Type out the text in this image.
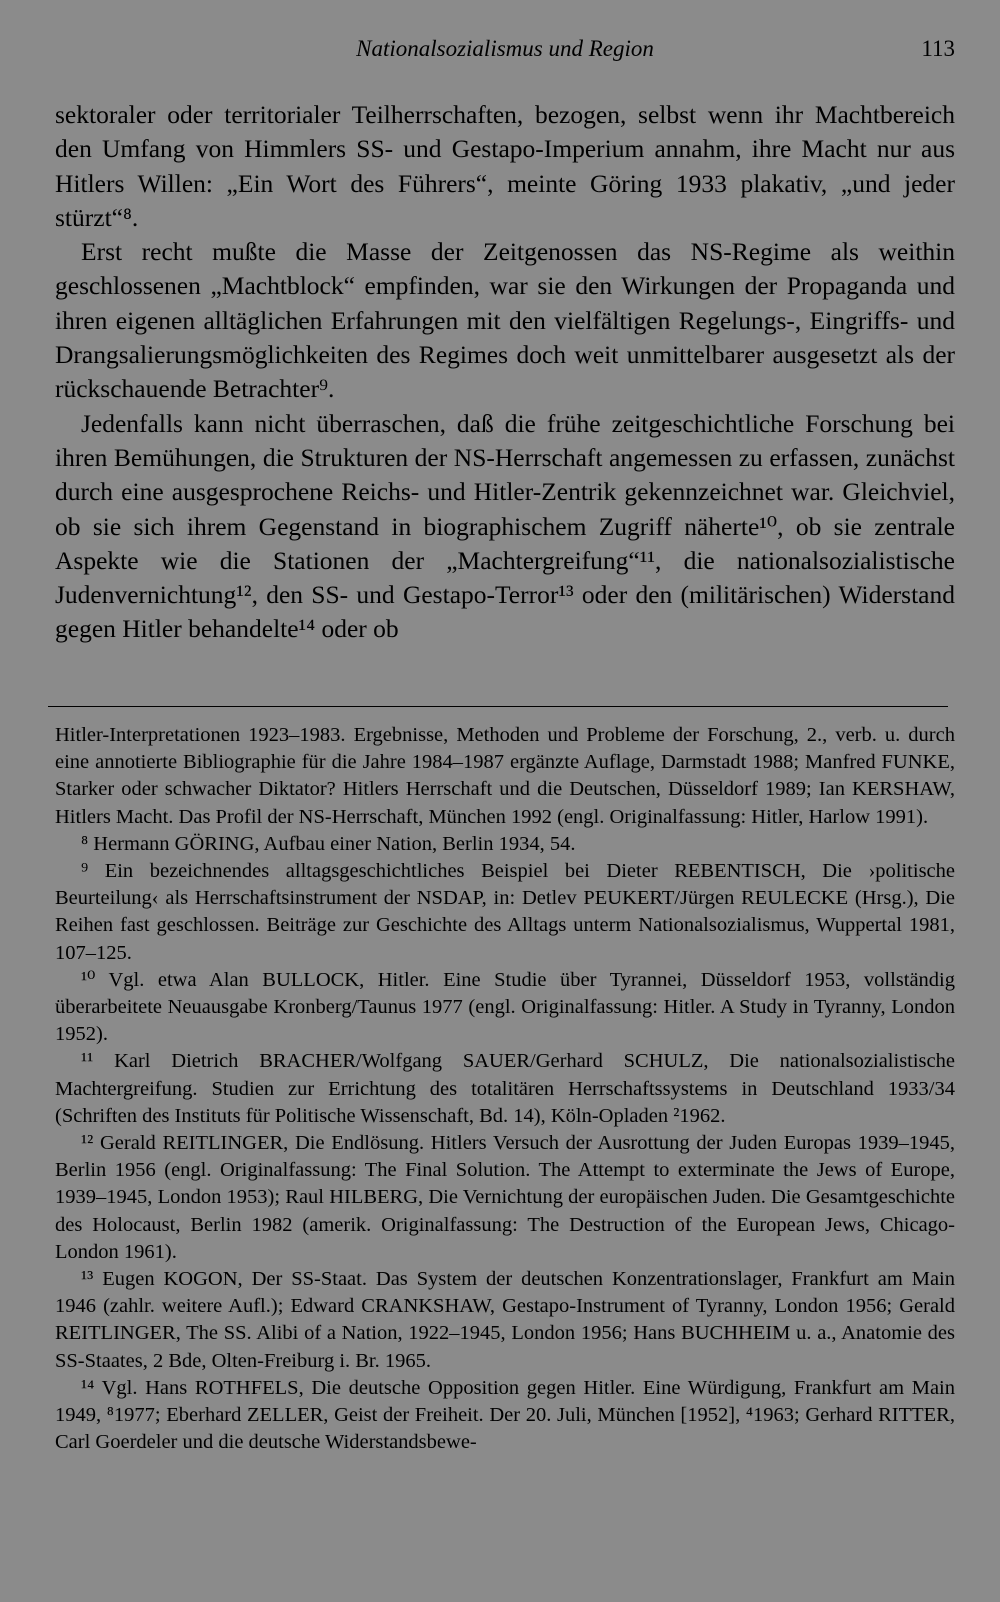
Nationalsozialismus und Region	113

sektoraler oder territorialer Teilherrschaften, bezogen, selbst wenn ihr Machtbereich den Umfang von Himmlers SS- und Gestapo-Imperium annahm, ihre Macht nur aus Hitlers Willen: „Ein Wort des Führers“, meinte Göring 1933 plakativ, „und jeder stürzt“⁸.

Erst recht mußte die Masse der Zeitgenossen das NS-Regime als weithin geschlossenen „Machtblock“ empfinden, war sie den Wirkungen der Propaganda und ihren eigenen alltäglichen Erfahrungen mit den vielfältigen Regelungs-, Eingriffs- und Drangsalierungsmöglichkeiten des Regimes doch weit unmittelbarer ausgesetzt als der rückschauende Betrachter⁹.

Jedenfalls kann nicht überraschen, daß die frühe zeitgeschichtliche Forschung bei ihren Bemühungen, die Strukturen der NS-Herrschaft angemessen zu erfassen, zunächst durch eine ausgesprochene Reichs- und Hitler-Zentrik gekennzeichnet war. Gleichviel, ob sie sich ihrem Gegenstand in biographischem Zugriff näherte¹⁰, ob sie zentrale Aspekte wie die Stationen der „Machtergreifung“¹¹, die nationalsozialistische Judenvernichtung¹², den SS- und Gestapo-Terror¹³ oder den (militärischen) Widerstand gegen Hitler behandelte¹⁴ oder ob

Hitler-Interpretationen 1923–1983. Ergebnisse, Methoden und Probleme der Forschung, 2., verb. u. durch eine annotierte Bibliographie für die Jahre 1984–1987 ergänzte Auflage, Darmstadt 1988; Manfred FUNKE, Starker oder schwacher Diktator? Hitlers Herrschaft und die Deutschen, Düsseldorf 1989; Ian KERSHAW, Hitlers Macht. Das Profil der NS-Herrschaft, München 1992 (engl. Originalfassung: Hitler, Harlow 1991).

⁸ Hermann GÖRING, Aufbau einer Nation, Berlin 1934, 54.

⁹ Ein bezeichnendes alltagsgeschichtliches Beispiel bei Dieter REBENTISCH, Die ›politische Beurteilung‹ als Herrschaftsinstrument der NSDAP, in: Detlev PEUKERT/Jürgen REULECKE (Hrsg.), Die Reihen fast geschlossen. Beiträge zur Geschichte des Alltags unterm Nationalsozialismus, Wuppertal 1981, 107–125.

¹⁰ Vgl. etwa Alan BULLOCK, Hitler. Eine Studie über Tyrannei, Düsseldorf 1953, vollständig überarbeitete Neuausgabe Kronberg/Taunus 1977 (engl. Originalfassung: Hitler. A Study in Tyranny, London 1952).

¹¹ Karl Dietrich BRACHER/Wolfgang SAUER/Gerhard SCHULZ, Die nationalsozialistische Machtergreifung. Studien zur Errichtung des totalitären Herrschaftssystems in Deutschland 1933/34 (Schriften des Instituts für Politische Wissenschaft, Bd. 14), Köln-Opladen ²1962.

¹² Gerald REITLINGER, Die Endlösung. Hitlers Versuch der Ausrottung der Juden Europas 1939–1945, Berlin 1956 (engl. Originalfassung: The Final Solution. The Attempt to exterminate the Jews of Europe, 1939–1945, London 1953); Raul HILBERG, Die Vernichtung der europäischen Juden. Die Gesamtgeschichte des Holocaust, Berlin 1982 (amerik. Originalfassung: The Destruction of the European Jews, Chicago-London 1961).

¹³ Eugen KOGON, Der SS-Staat. Das System der deutschen Konzentrationslager, Frankfurt am Main 1946 (zahlr. weitere Aufl.); Edward CRANKSHAW, Gestapo-Instrument of Tyranny, London 1956; Gerald REITLINGER, The SS. Alibi of a Nation, 1922–1945, London 1956; Hans BUCHHEIM u. a., Anatomie des SS-Staates, 2 Bde, Olten-Freiburg i. Br. 1965.

¹⁴ Vgl. Hans ROTHFELS, Die deutsche Opposition gegen Hitler. Eine Würdigung, Frankfurt am Main 1949, ⁸1977; Eberhard ZELLER, Geist der Freiheit. Der 20. Juli, München [1952], ⁴1963; Gerhard RITTER, Carl Goerdeler und die deutsche Widerstandsbewe-
